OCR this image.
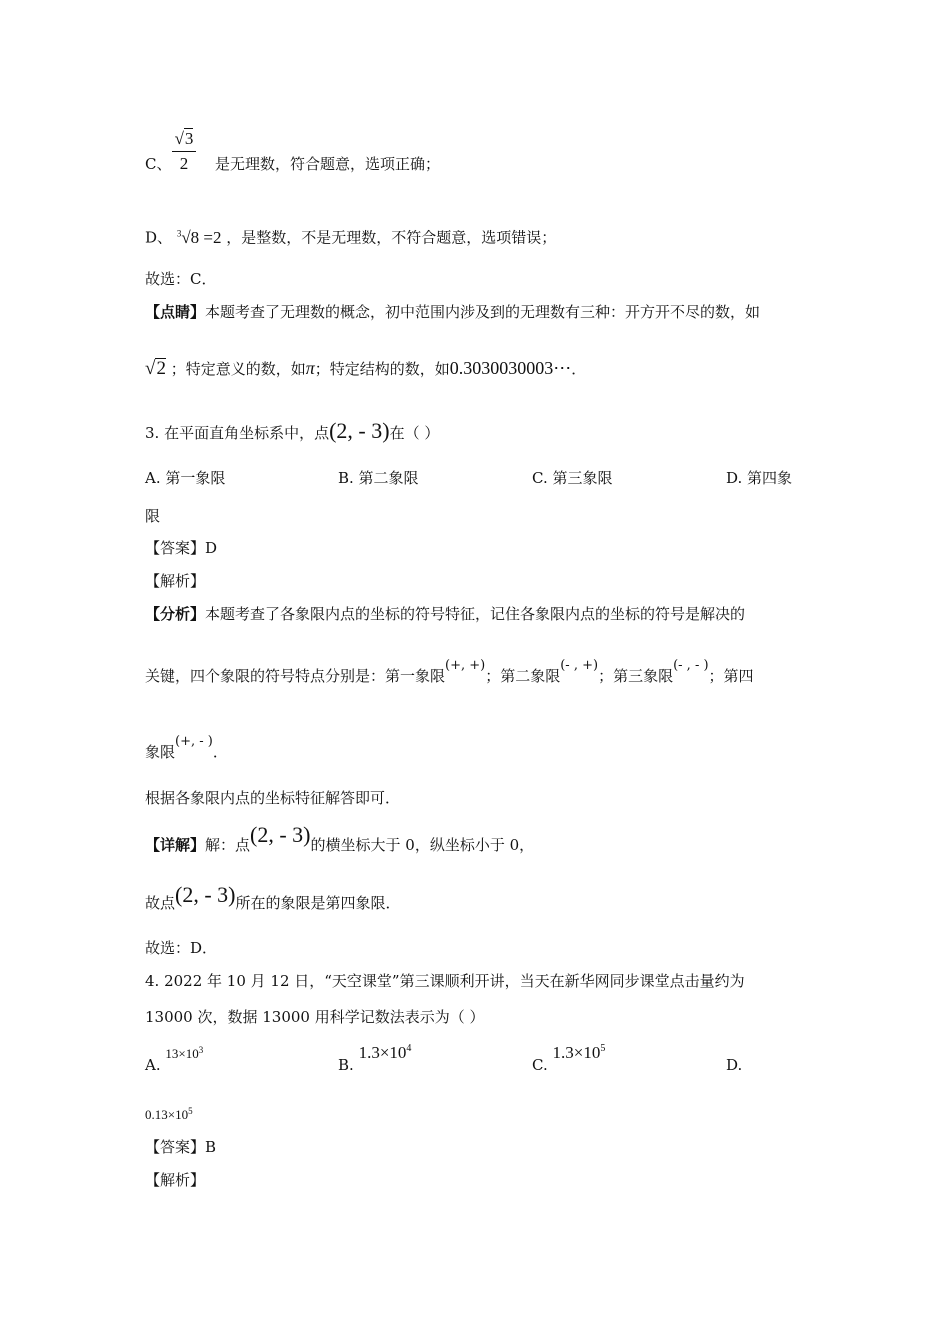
√3
2
C、	是无理数，符合题意，选项正确；
D、 $^3$√8 =2 ，是整数，不是无理数，不符合题意，选项错误；
故选：C．
【点睛】本题考查了无理数的概念，初中范围内涉及到的无理数有三种：开方开不尽的数，如
√2 ；特定意义的数，如π；特定结构的数，如0.3030030003⋯．
3. 在平面直角坐标系中，点(2, - 3)在（ ）
A. 第一象限	B. 第二象限	C. 第三象限	D. 第四象
限
【答案】D
【解析】
【分析】本题考查了各象限内点的坐标的符号特征，记住各象限内点的坐标的符号是解决的
关键，四个象限的符号特点分别是：第一象限(+, +)；第二象限(- , +)；第三象限(- , - )；第四
象限(+, - )．
根据各象限内点的坐标特征解答即可．
【详解】解：点(2, - 3)的横坐标大于 0，纵坐标小于 0，
故点(2, - 3)所在的象限是第四象限．
故选：D．
4. 2022 年 10 月 12 日，“天空课堂”第三课顺利开讲，当天在新华网同步课堂点击量约为
13000 次，数据 13000 用科学记数法表示为（ ）
A. $13\times 10^3$
B. $1.3\times 10^4$
C. $1.3\times 10^5$
D.
$0.13\times 10^5$
【答案】B
【解析】
